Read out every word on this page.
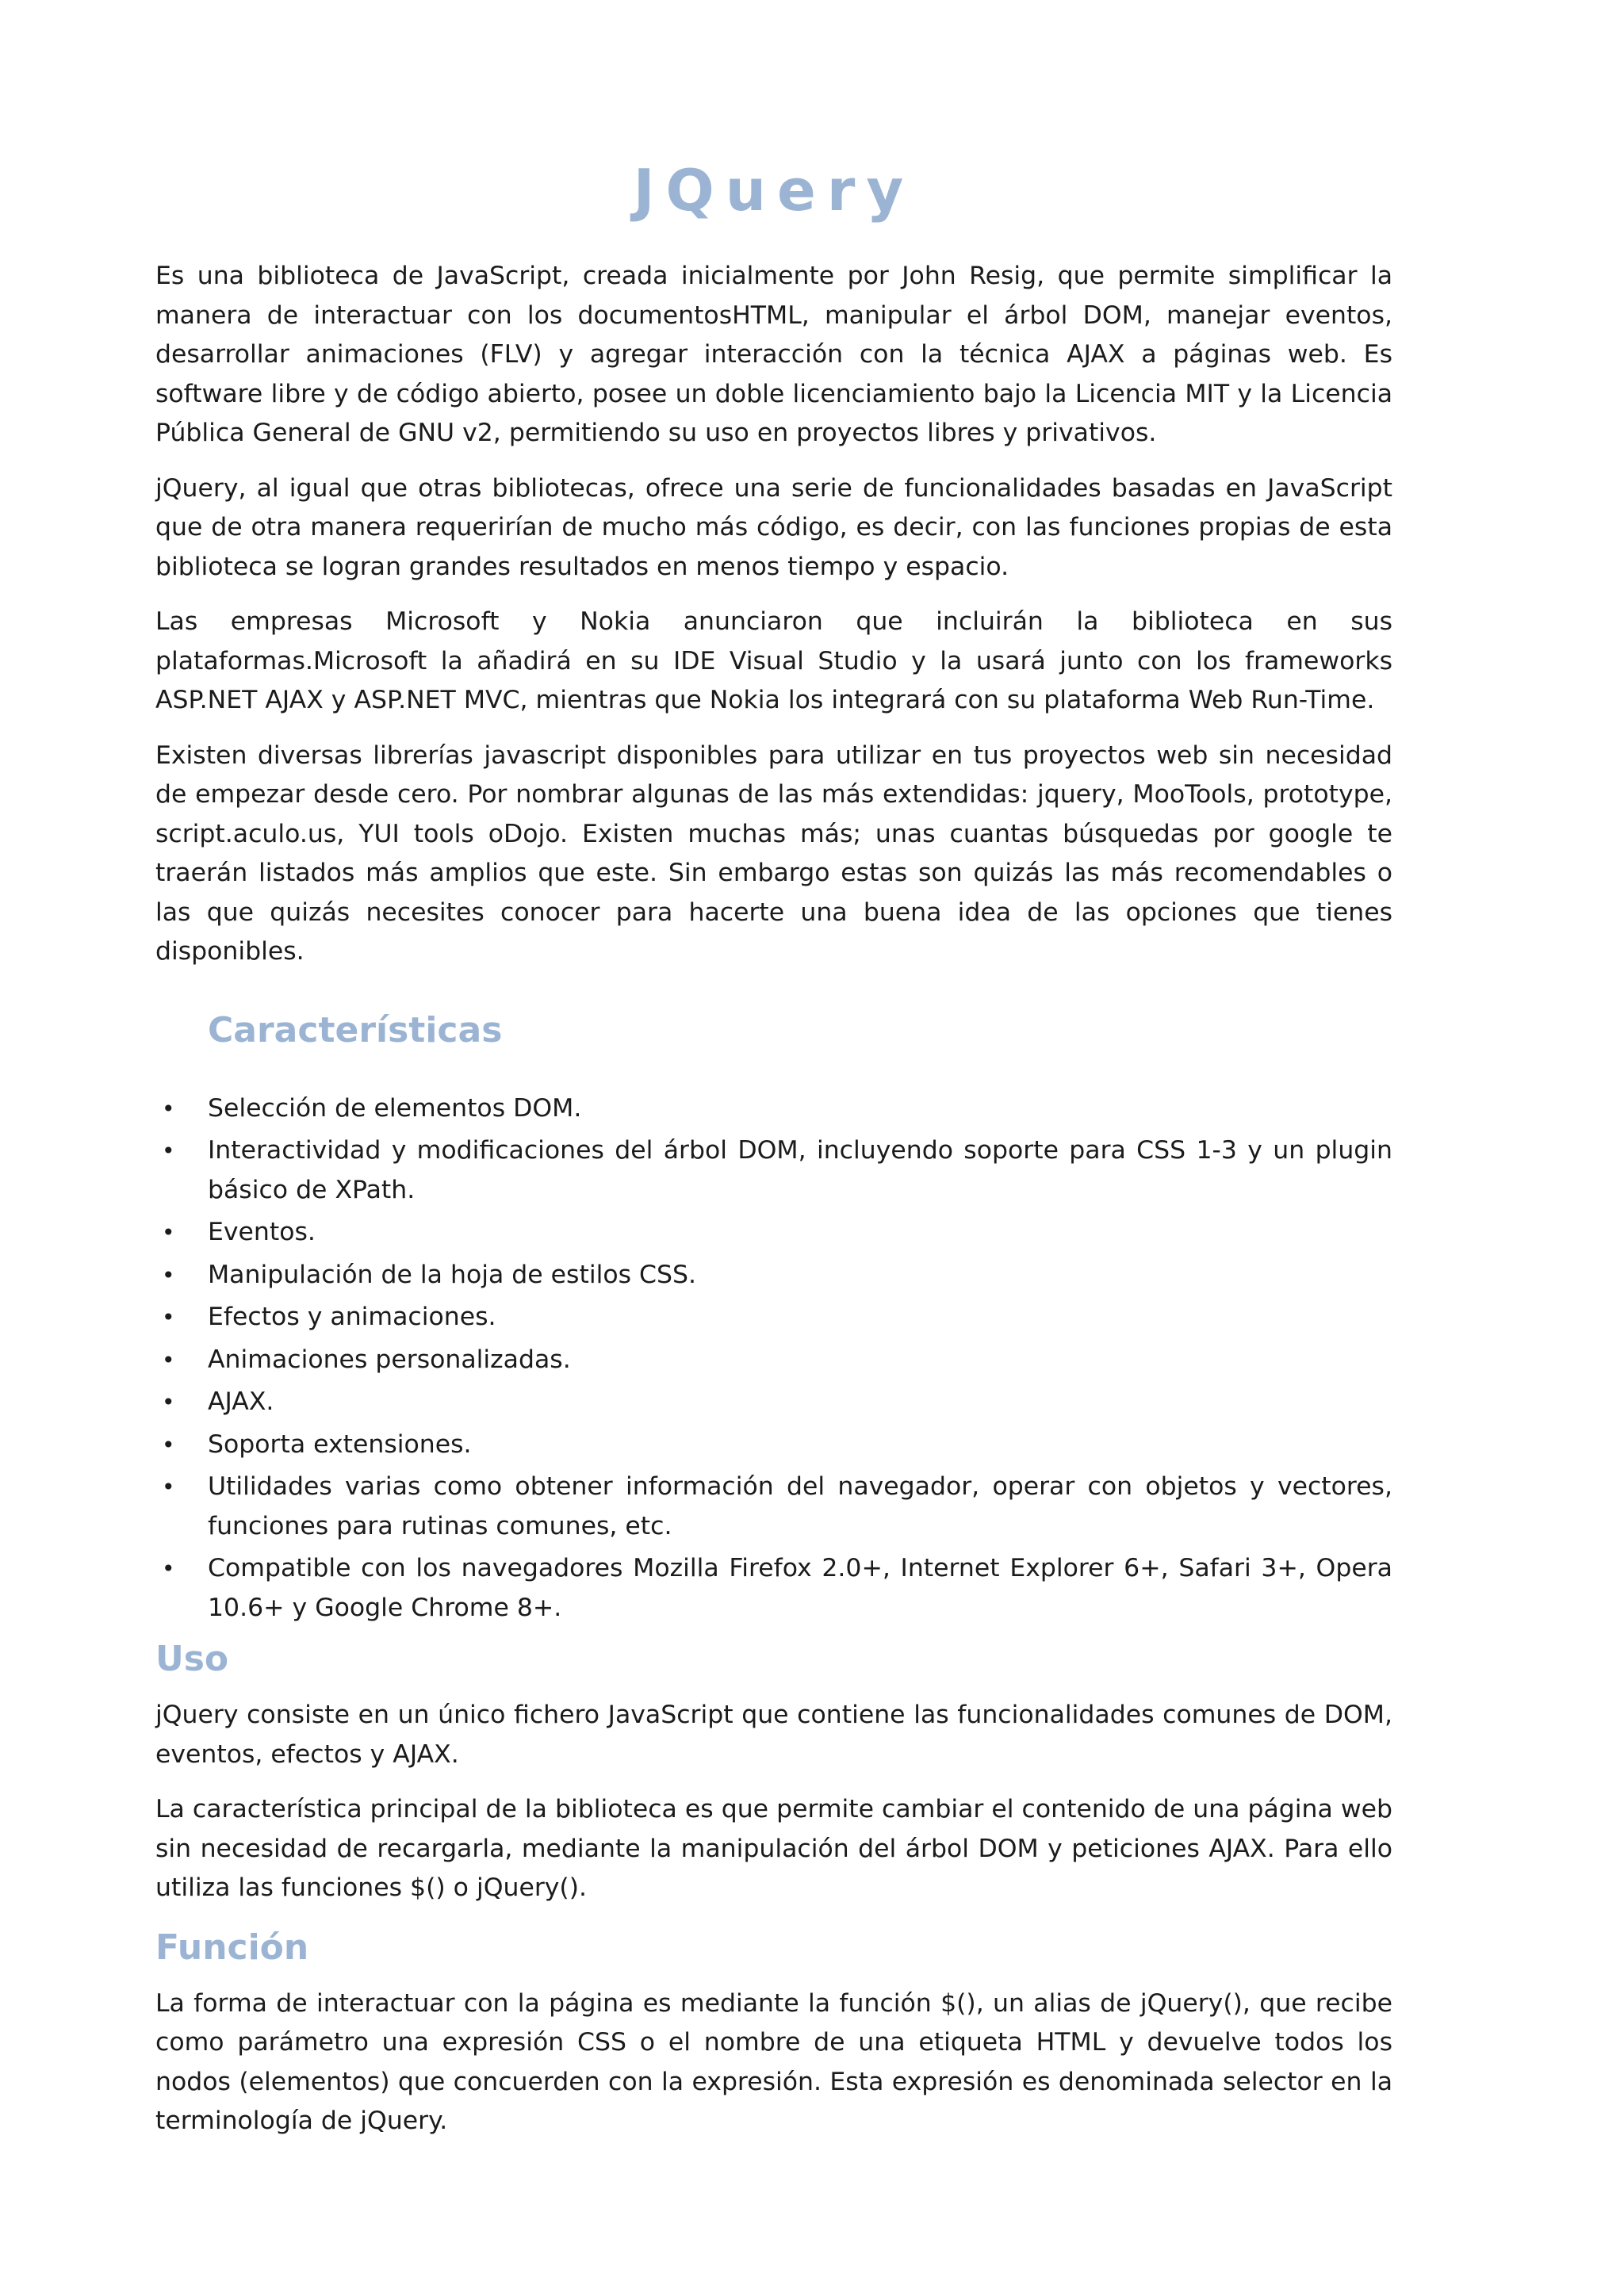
JQuery

Es una biblioteca de JavaScript, creada inicialmente por John Resig, que permite simplificar la manera de interactuar con los documentosHTML, manipular el árbol DOM, manejar eventos, desarrollar animaciones (FLV) y agregar interacción con la técnica AJAX a páginas web. Es software libre y de código abierto, posee un doble licenciamiento bajo la Licencia MIT y la Licencia Pública General de GNU v2, permitiendo su uso en proyectos libres y privativos.

jQuery, al igual que otras bibliotecas, ofrece una serie de funcionalidades basadas en JavaScript que de otra manera requerirían de mucho más código, es decir, con las funciones propias de esta biblioteca se logran grandes resultados en menos tiempo y espacio.

Las empresas Microsoft y Nokia anunciaron que incluirán la biblioteca en sus plataformas.Microsoft la añadirá en su IDE Visual Studio y la usará junto con los frameworks ASP.NET AJAX y ASP.NET MVC, mientras que Nokia los integrará con su plataforma Web Run-Time.

Existen diversas librerías javascript disponibles para utilizar en tus proyectos web sin necesidad de empezar desde cero. Por nombrar algunas de las más extendidas: jquery, MooTools, prototype, script.aculo.us, YUI tools oDojo. Existen muchas más; unas cuantas búsquedas por google te traerán listados más amplios que este. Sin embargo estas son quizás las más recomendables o las que quizás necesites conocer para hacerte una buena idea de las opciones que tienes disponibles.

Características
• Selección de elementos DOM.
• Interactividad y modificaciones del árbol DOM, incluyendo soporte para CSS 1-3 y un plugin básico de XPath.
• Eventos.
• Manipulación de la hoja de estilos CSS.
• Efectos y animaciones.
• Animaciones personalizadas.
• AJAX.
• Soporta extensiones.
• Utilidades varias como obtener información del navegador, operar con objetos y vectores, funciones para rutinas comunes, etc.
• Compatible con los navegadores Mozilla Firefox 2.0+, Internet Explorer 6+, Safari 3+, Opera 10.6+ y Google Chrome 8+.
Uso

jQuery consiste en un único fichero JavaScript que contiene las funcionalidades comunes de DOM, eventos, efectos y AJAX.

La característica principal de la biblioteca es que permite cambiar el contenido de una página web sin necesidad de recargarla, mediante la manipulación del árbol DOM y peticiones AJAX. Para ello utiliza las funciones $() o jQuery().

Función

La forma de interactuar con la página es mediante la función $(), un alias de jQuery(), que recibe como parámetro una expresión CSS o el nombre de una etiqueta HTML y devuelve todos los nodos (elementos) que concuerden con la expresión. Esta expresión es denominada selector en la terminología de jQuery.
